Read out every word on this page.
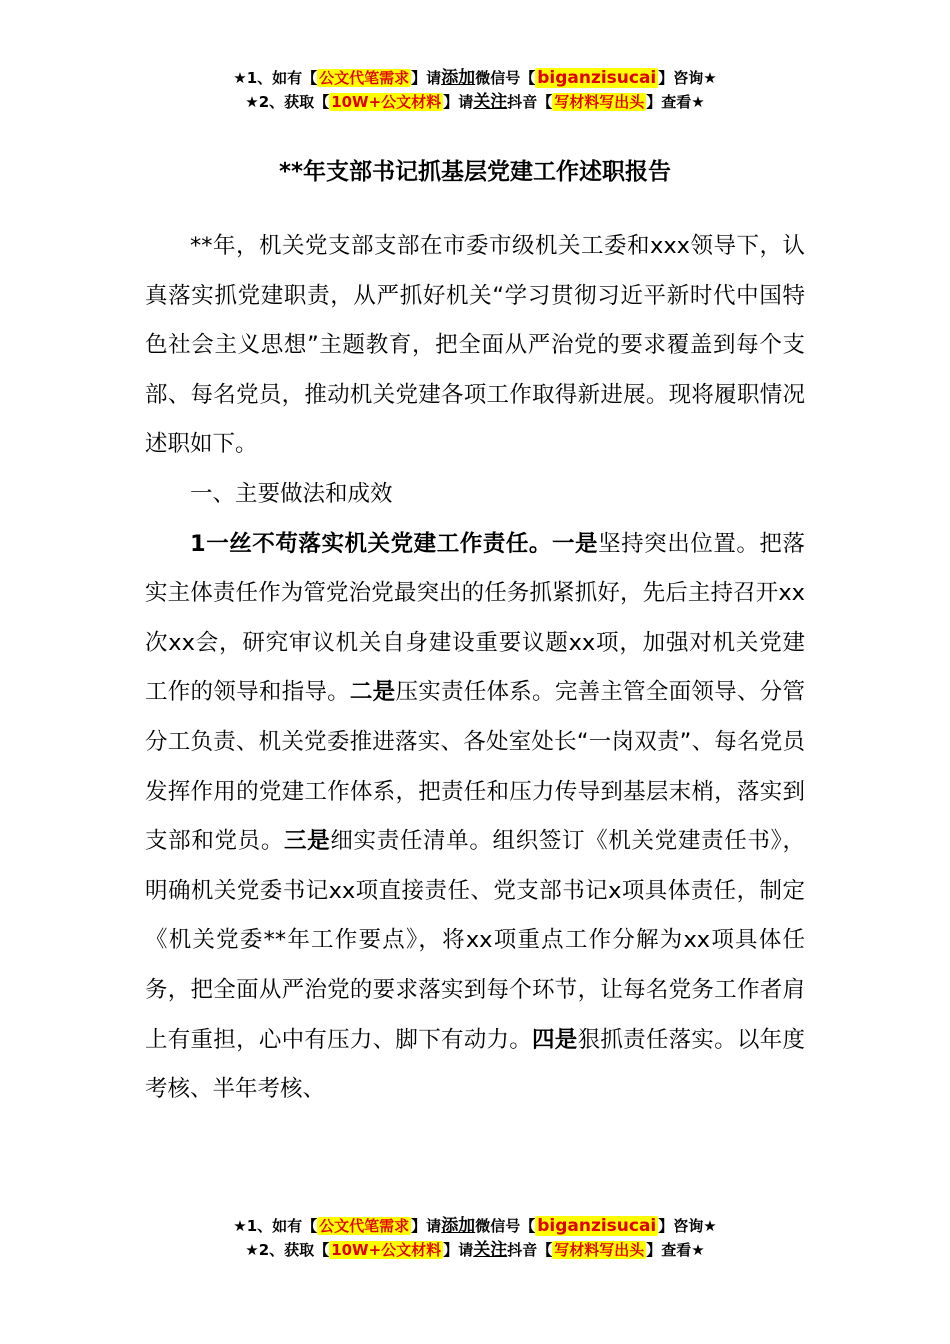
★1、如有【 公文代笔需求 】请添加微信号【 biganzisucai 】咨询★
★2、获取【 10W+公文材料 】请关注抖音【 写材料写出头 】查看★
**年支部书记抓基层党建工作述职报告

**年，机关党支部支部在市委市级机关工委和xxx领导下，认真落实抓党建职责，从严抓好机关“学习贯彻习近平新时代中国特色社会主义思想”主题教育，把全面从严治党的要求覆盖到每个支部、每名党员，推动机关党建各项工作取得新进展。现将履职情况述职如下。

一、主要做法和成效

1一丝不苟落实机关党建工作责任。一是坚持突出位置。把落实主体责任作为管党治党最突出的任务抓紧抓好，先后主持召开xx次xx会，研究审议机关自身建设重要议题xx项，加强对机关党建工作的领导和指导。二是压实责任体系。完善主管全面领导、分管分工负责、机关党委推进落实、各处室处长“一岗双责”、每名党员发挥作用的党建工作体系，把责任和压力传导到基层末梢，落实到支部和党员。三是细实责任清单。组织签订《机关党建责任书》，明确机关党委书记xx项直接责任、党支部书记x项具体责任，制定《机关党委**年工作要点》，将xx项重点工作分解为xx项具体任务，把全面从严治党的要求落实到每个环节，让每名党务工作者肩上有重担，心中有压力、脚下有动力。四是狠抓责任落实。以年度考核、半年考核、

★1、如有【 公文代笔需求 】请添加微信号【 biganzisucai 】咨询★
★2、获取【 10W+公文材料 】请关注抖音【 写材料写出头 】查看★
